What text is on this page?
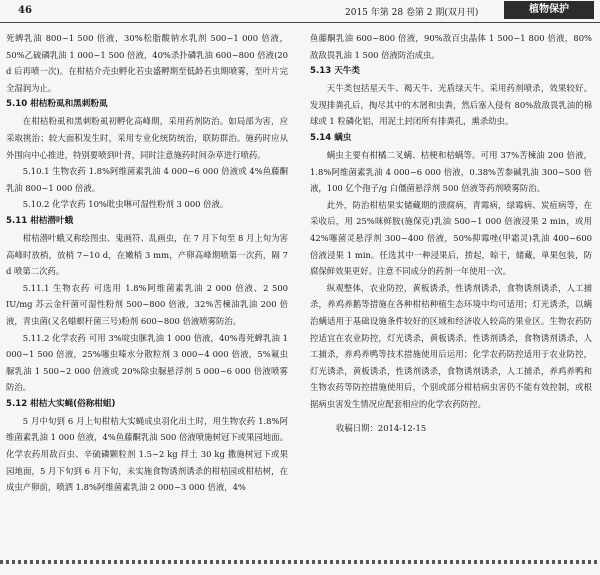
46	2015 年第 28 卷第 2 期(双月刊)	植物保护

死蜱乳油 800~1 500 倍液，30%松脂酸钠水乳剂 500~1 000 倍液，50%乙硫磷乳油 1 000~1 500 倍液，40%杀扑磷乳油 600~800 倍液(20 d 后再喷一次)。在柑桔介壳虫孵化若虫盛孵期至低龄若虫期喷雾，至叶片完全湿润为止。

5.10 柑桔粉虱和黑刺粉虱

在柑桔粉虱和黑刺粉虱初孵化高峰期，采用药剂防治。如局部为害，应采取挑治；较大面积发生时，采用专业化统防统治，联防群治。施药时应从外围向中心推进，特别要喷到叶背，同时注意施药时间杂草进行喷药。

5.10.1 生物农药 1.8%阿维菌素乳油 4 000~6 000 倍液或 4%鱼藤酮乳油 800~1 000 倍液。

5.10.2 化学农药 10%吡虫啉可湿性粉剂 3 000 倍液。

5.11 柑桔潜叶蛾

柑桔潜叶蛾又称绘图虫、鬼画符、乱画虫，在 7 月下旬至 8 月上旬为害高峰时放梢，放梢 7~10 d，在嫩梢 3 mm，产卵高峰期喷第一次药，隔 7 d 喷第二次药。

5.11.1 生物农药 可选用 1.8%阿维菌素乳油 2 000 倍液、2 500 IU/mg 苏云金杆菌可湿性粉剂 500~800 倍液，32%苦楝油乳油 200 倍液，青虫菌(又名蜡螟杆菌三号)粉剂 600~800 倍液喷雾防治。

5.11.2 化学农药 可用 3%啶虫脒乳油 1 000 倍液，40%毒死蜱乳油 1 000~1 500 倍液，25%噻虫嗪水分散粒剂 3 000~4 000 倍液，5%氟虫脲乳油 1 500~2 000 倍液或 20%除虫脲悬浮剂 5 000~6 000 倍液喷雾防治。

5.12 柑桔大实蝇(俗称柑蛆)

5 月中旬到 6 月上旬柑桔大实蝇成虫羽化出土时，用生物农药 1.8%阿维菌素乳油 1 000 倍液，4%鱼藤酮乳油 500 倍液喷施树冠下或果园地面。化学农药用敌百虫、辛硫磷颗粒剂 1.5~2 kg 拌土 30 kg 撒施树冠下或果园地面，5 月下旬到 6 月下旬，未实施食物诱剂诱杀的柑桔园或柑桔树，在成虫产卵前，喷洒 1.8%阿维菌素乳油 2 000~3 000 倍液，4%

鱼藤酮乳油 600~800 倍液，90%敌百虫晶体 1 500~1 800 倍液，80%敌敌畏乳油 1 500 倍液防治成虫。

5.13 天牛类

天牛类包括星天牛、褐天牛、光盾绿天牛。采用药剂喷杀，效果较好。发现排粪孔后，掏尽其中的木屑和虫粪，然后塞入侵有 80%敌敌畏乳油的棉球或 1 粒磷化铝，用泥土封闭所有排粪孔，熏杀幼虫。

5.14 螨虫

螨虫主要有柑橘二叉螨、桔梗和桔螨等。可用 37%苦楝油 200 倍液，1.8%阿维菌素乳油 4 000~6 000 倍液，0.38%苦参碱乳油 300~500 倍液，100 亿个孢子/g 白僵菌悬浮剂 500 倍液等药剂喷雾防治。

此外，防治柑桔果实储藏期的溃腐病，青霉病，绿霉病、炭疽病等，在采收后，用 25%咪鲜胺(施保克)乳油 500~1 000 倍液浸果 2 min，或用 42%噻菌灵悬浮剂 300~400 倍液，50%抑霉唑(甲霜灵)乳油 400~600 倍液浸果 1 min。任选其中一种浸果后，捞起，晾干，储藏，单果包装，防腐保鲜效果更好。注意不同成分的药剂一年使用一次。

纵观整体，农业防控，黄板诱杀，性诱剂诱杀，食物诱剂诱杀，人工捕杀，养鸡养鹅等措施在各种柑桔种植生态环境中均可适用；灯光诱杀，以螨治螨适用于基础设施条件较好的区域和经济收入较高的果业区。生物农药防控适宜在农业防控，灯光诱杀，黄板诱杀，性诱剂诱杀，食物诱剂诱杀，人工捕杀，养鸡养鸭等技术措施使用后运用；化学农药防控适用于农业防控，灯光诱杀，黄板诱杀，性诱剂诱杀，食物诱剂诱杀，人工捕杀，养鸡养鸭和生物农药等防控措施使用后，个别或部分柑桔病虫害仍不能有效控制，或根据病虫害发生情况应配套相应的化学农药防控。

收稿日期：2014-12-15
